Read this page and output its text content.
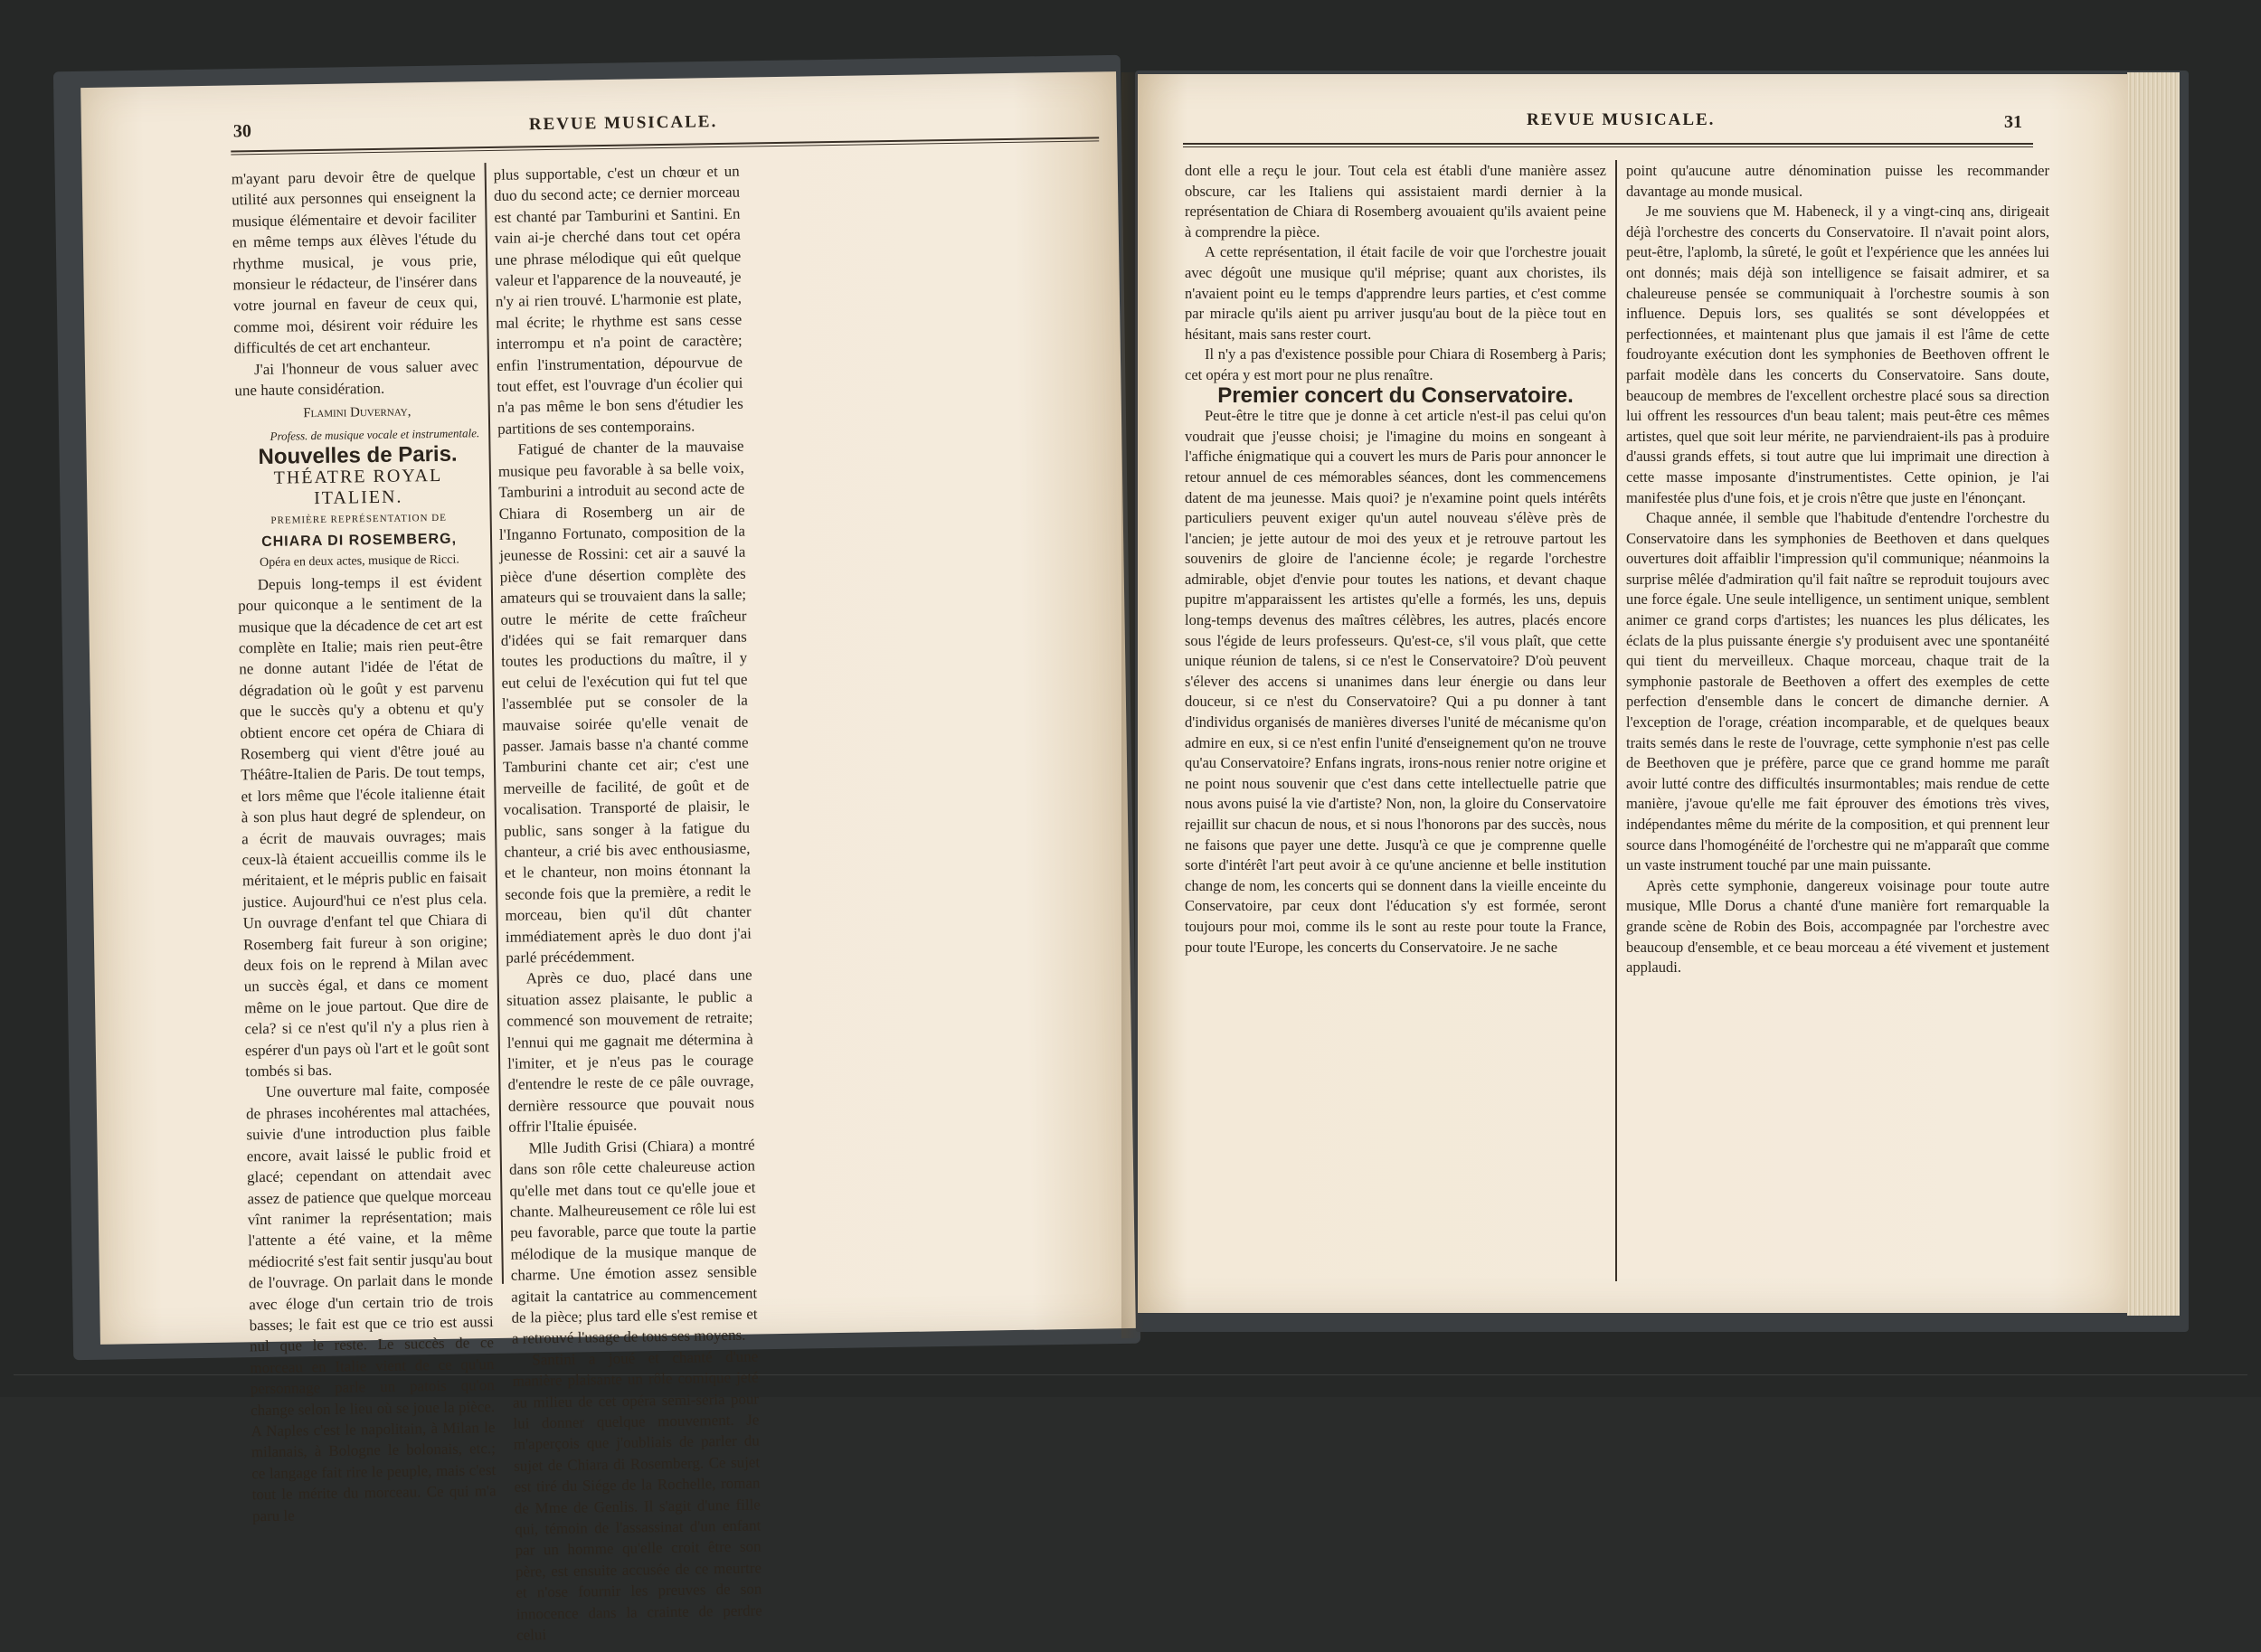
30	REVUE MUSICALE.

m'ayant paru devoir être de quelque utilité aux personnes qui enseignent la musique élémentaire et devoir faciliter en même temps aux élèves l'étude du rhythme musical, je vous prie, monsieur le rédacteur, de l'insérer dans votre journal en faveur de ceux qui, comme moi, désirent voir réduire les difficultés de cet art enchanteur.

J'ai l'honneur de vous saluer avec une haute considération.

Flamini Duvernay,

Profess. de musique vocale et instrumentale.

Nouvelles de Paris.

THÉATRE ROYAL ITALIEN.

PREMIÈRE REPRÉSENTATION DE

CHIARA DI ROSEMBERG,

Opéra en deux actes, musique de Ricci.

Depuis long-temps il est évident pour quiconque a le sentiment de la musique que la décadence de cet art est complète en Italie; mais rien peut-être ne donne autant l'idée de l'état de dégradation où le goût y est parvenu que le succès qu'y a obtenu et qu'y obtient encore cet opéra de Chiara di Rosemberg qui vient d'être joué au Théâtre-Italien de Paris. De tout temps, et lors même que l'école italienne était à son plus haut degré de splendeur, on a écrit de mauvais ouvrages; mais ceux-là étaient accueillis comme ils le méritaient, et le mépris public en faisait justice. Aujourd'hui ce n'est plus cela. Un ouvrage d'enfant tel que Chiara di Rosemberg fait fureur à son origine; deux fois on le reprend à Milan avec un succès égal, et dans ce moment même on le joue partout. Que dire de cela? si ce n'est qu'il n'y a plus rien à espérer d'un pays où l'art et le goût sont tombés si bas.

Une ouverture mal faite, composée de phrases incohérentes mal attachées, suivie d'une introduction plus faible encore, avait laissé le public froid et glacé; cependant on attendait avec assez de patience que quelque morceau vînt ranimer la représentation; mais l'attente a été vaine, et la même médiocrité s'est fait sentir jusqu'au bout de l'ouvrage. On parlait dans le monde avec éloge d'un certain trio de trois basses; le fait est que ce trio est aussi nul que le reste. Le succès de ce morceau en Italie vient de ce qu'un personnage parle un patois qu'on change selon le lieu où se joue la pièce. A Naples c'est le napolitain, à Milan le milanais, à Bologne le bolonais, etc.; ce langage fait rire le peuple, mais c'est tout le mérite du morceau. Ce qui m'a paru le

plus supportable, c'est un chœur et un duo du second acte; ce dernier morceau est chanté par Tamburini et Santini. En vain ai-je cherché dans tout cet opéra une phrase mélodique qui eût quelque valeur et l'apparence de la nouveauté, je n'y ai rien trouvé. L'harmonie est plate, mal écrite; le rhythme est sans cesse interrompu et n'a point de caractère; enfin l'instrumentation, dépourvue de tout effet, est l'ouvrage d'un écolier qui n'a pas même le bon sens d'étudier les partitions de ses contemporains.

Fatigué de chanter de la mauvaise musique peu favorable à sa belle voix, Tamburini a introduit au second acte de Chiara di Rosemberg un air de l'Inganno Fortunato, composition de la jeunesse de Rossini: cet air a sauvé la pièce d'une désertion complète des amateurs qui se trouvaient dans la salle; outre le mérite de cette fraîcheur d'idées qui se fait remarquer dans toutes les productions du maître, il y eut celui de l'exécution qui fut tel que l'assemblée put se consoler de la mauvaise soirée qu'elle venait de passer. Jamais basse n'a chanté comme Tamburini chante cet air; c'est une merveille de facilité, de goût et de vocalisation. Transporté de plaisir, le public, sans songer à la fatigue du chanteur, a crié bis avec enthousiasme, et le chanteur, non moins étonnant la seconde fois que la première, a redit le morceau, bien qu'il dût chanter immédiatement après le duo dont j'ai parlé précédemment.

Après ce duo, placé dans une situation assez plaisante, le public a commencé son mouvement de retraite; l'ennui qui me gagnait me détermina à l'imiter, et je n'eus pas le courage d'entendre le reste de ce pâle ouvrage, dernière ressource que pouvait nous offrir l'Italie épuisée.

Mlle Judith Grisi (Chiara) a montré dans son rôle cette chaleureuse action qu'elle met dans tout ce qu'elle joue et chante. Malheureusement ce rôle lui est peu favorable, parce que toute la partie mélodique de la musique manque de charme. Une émotion assez sensible agitait la cantatrice au commencement de la pièce; plus tard elle s'est remise et a retrouvé l'usage de tous ses moyens.

Santini a joué et chanté d'une manière plaisante un rôle comique jeté au milieu de cet opéra semi-seria pour lui donner quelque mouvement. Je m'aperçois que j'oubliais de parler du sujet de Chiara di Rosemberg. Ce sujet est tiré du Siége de la Rochelle, roman de Mme de Genlis. Il s'agit d'une fille qui, témoin de l'assassinat d'un enfant par un homme qu'elle croit être son père, est ensuite accusée de ce meurtre et n'ose fournir les preuves de son innocence dans la crainte de perdre celui

REVUE MUSICALE.	31

dont elle a reçu le jour. Tout cela est établi d'une manière assez obscure, car les Italiens qui assistaient mardi dernier à la représentation de Chiara di Rosemberg avouaient qu'ils avaient peine à comprendre la pièce.

A cette représentation, il était facile de voir que l'orchestre jouait avec dégoût une musique qu'il méprise; quant aux choristes, ils n'avaient point eu le temps d'apprendre leurs parties, et c'est comme par miracle qu'ils aient pu arriver jusqu'au bout de la pièce tout en hésitant, mais sans rester court.

Il n'y a pas d'existence possible pour Chiara di Rosemberg à Paris; cet opéra y est mort pour ne plus renaître.

Premier concert du Conservatoire.

Peut-être le titre que je donne à cet article n'est-il pas celui qu'on voudrait que j'eusse choisi; je l'imagine du moins en songeant à l'affiche énigmatique qui a couvert les murs de Paris pour annoncer le retour annuel de ces mémorables séances, dont les commencemens datent de ma jeunesse. Mais quoi? je n'examine point quels intérêts particuliers peuvent exiger qu'un autel nouveau s'élève près de l'ancien; je jette autour de moi des yeux et je retrouve partout les souvenirs de gloire de l'ancienne école; je regarde l'orchestre admirable, objet d'envie pour toutes les nations, et devant chaque pupitre m'apparaissent les artistes qu'elle a formés, les uns, depuis long-temps devenus des maîtres célèbres, les autres, placés encore sous l'égide de leurs professeurs. Qu'est-ce, s'il vous plaît, que cette unique réunion de talens, si ce n'est le Conservatoire? D'où peuvent s'élever des accens si unanimes dans leur énergie ou dans leur douceur, si ce n'est du Conservatoire? Qui a pu donner à tant d'individus organisés de manières diverses l'unité de mécanisme qu'on admire en eux, si ce n'est enfin l'unité d'enseignement qu'on ne trouve qu'au Conservatoire? Enfans ingrats, irons-nous renier notre origine et ne point nous souvenir que c'est dans cette intellectuelle patrie que nous avons puisé la vie d'artiste? Non, non, la gloire du Conservatoire rejaillit sur chacun de nous, et si nous l'honorons par des succès, nous ne faisons que payer une dette. Jusqu'à ce que je comprenne quelle sorte d'intérêt l'art peut avoir à ce qu'une ancienne et belle institution change de nom, les concerts qui se donnent dans la vieille enceinte du Conservatoire, par ceux dont l'éducation s'y est formée, seront toujours pour moi, comme ils le sont au reste pour toute la France, pour toute l'Europe, les concerts du Conservatoire. Je ne sache

point qu'aucune autre dénomination puisse les recommander davantage au monde musical.

Je me souviens que M. Habeneck, il y a vingt-cinq ans, dirigeait déjà l'orchestre des concerts du Conservatoire. Il n'avait point alors, peut-être, l'aplomb, la sûreté, le goût et l'expérience que les années lui ont donnés; mais déjà son intelligence se faisait admirer, et sa chaleureuse pensée se communiquait à l'orchestre soumis à son influence. Depuis lors, ses qualités se sont développées et perfectionnées, et maintenant plus que jamais il est l'âme de cette foudroyante exécution dont les symphonies de Beethoven offrent le parfait modèle dans les concerts du Conservatoire. Sans doute, beaucoup de membres de l'excellent orchestre placé sous sa direction lui offrent les ressources d'un beau talent; mais peut-être ces mêmes artistes, quel que soit leur mérite, ne parviendraient-ils pas à produire d'aussi grands effets, si tout autre que lui imprimait une direction à cette masse imposante d'instrumentistes. Cette opinion, je l'ai manifestée plus d'une fois, et je crois n'être que juste en l'énonçant.

Chaque année, il semble que l'habitude d'entendre l'orchestre du Conservatoire dans les symphonies de Beethoven et dans quelques ouvertures doit affaiblir l'impression qu'il communique; néanmoins la surprise mêlée d'admiration qu'il fait naître se reproduit toujours avec une force égale. Une seule intelligence, un sentiment unique, semblent animer ce grand corps d'artistes; les nuances les plus délicates, les éclats de la plus puissante énergie s'y produisent avec une spontanéité qui tient du merveilleux. Chaque morceau, chaque trait de la symphonie pastorale de Beethoven a offert des exemples de cette perfection d'ensemble dans le concert de dimanche dernier. A l'exception de l'orage, création incomparable, et de quelques beaux traits semés dans le reste de l'ouvrage, cette symphonie n'est pas celle de Beethoven que je préfère, parce que ce grand homme me paraît avoir lutté contre des difficultés insurmontables; mais rendue de cette manière, j'avoue qu'elle me fait éprouver des émotions très vives, indépendantes même du mérite de la composition, et qui prennent leur source dans l'homogénéité de l'orchestre qui ne m'apparaît que comme un vaste instrument touché par une main puissante.

Après cette symphonie, dangereux voisinage pour toute autre musique, Mlle Dorus a chanté d'une manière fort remarquable la grande scène de Robin des Bois, accompagnée par l'orchestre avec beaucoup d'ensemble, et ce beau morceau a été vivement et justement applaudi.
